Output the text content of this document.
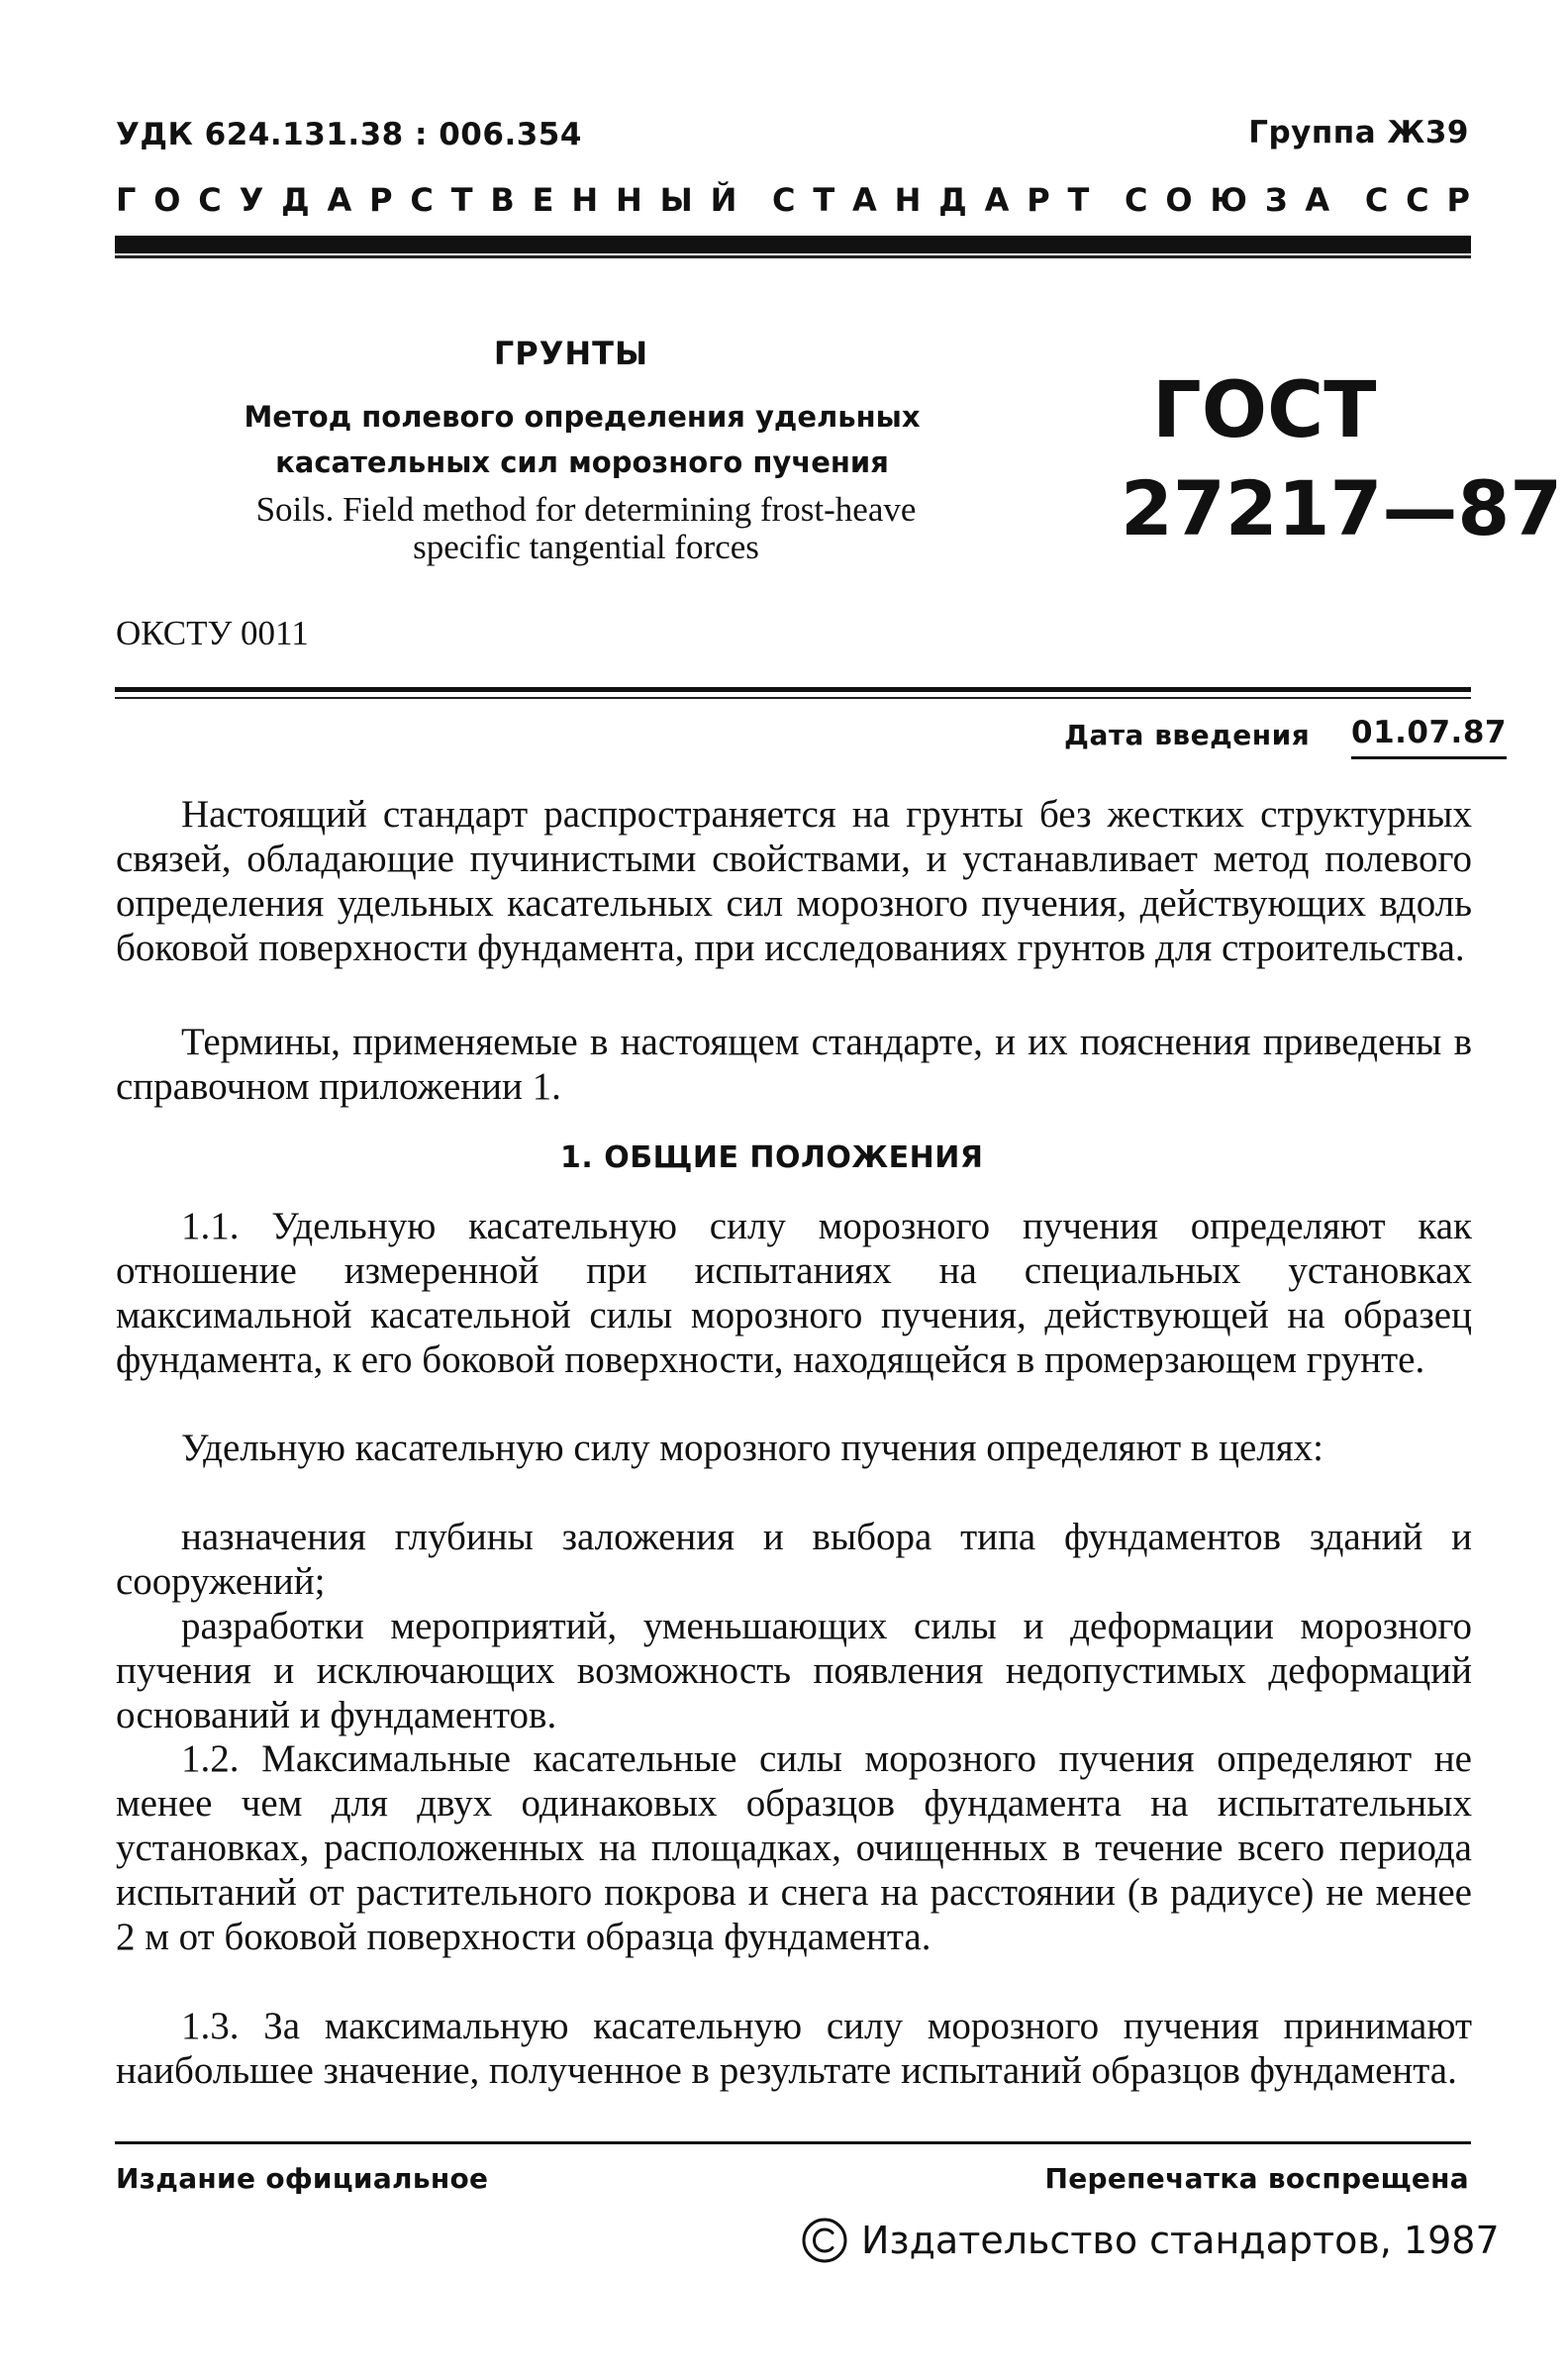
УДК 624.131.38 : 006.354	Группа Ж39
Г О С У Д А Р С Т В Е Н Н Ы Й С Т А Н Д А Р Т С О Ю З А С С Р
ГРУНТЫ
Метод полевого определения удельных
касательных сил морозного пучения
Soils. Field method for determining frost-heave
specific tangential forces
ГОСТ
27217—87
ОКСТУ 0011
Дата введения 01.07.87

Настоящий стандарт распространяется на грунты без жестких структурных связей, обладающие пучинистыми свойствами, и устанавливает метод полевого определения удельных касательных сил морозного пучения, действующих вдоль боковой поверхности фундамента, при исследованиях грунтов для строительства.

Термины, применяемые в настоящем стандарте, и их пояснения приведены в справочном приложении 1.

1. ОБЩИЕ ПОЛОЖЕНИЯ

1.1. Удельную касательную силу морозного пучения определяют как отношение измеренной при испытаниях на специальных установках максимальной касательной силы морозного пучения, действующей на образец фундамента, к его боковой поверхности, находящейся в промерзающем грунте.

Удельную касательную силу морозного пучения определяют в целях:

назначения глубины заложения и выбора типа фундаментов зданий и сооружений;

разработки мероприятий, уменьшающих силы и деформации морозного пучения и исключающих возможность появления недопустимых деформаций оснований и фундаментов.

1.2. Максимальные касательные силы морозного пучения определяют не менее чем для двух одинаковых образцов фундамента на испытательных установках, расположенных на площадках, очищенных в течение всего периода испытаний от растительного покрова и снега на расстоянии (в радиусе) не менее 2 м от боковой поверхности образца фундамента.

1.3. За максимальную касательную силу морозного пучения принимают наибольшее значение, полученное в результате испытаний образцов фундамента.

Издание официальное	Перепечатка воспрещена
Издательство стандартов, 1987
